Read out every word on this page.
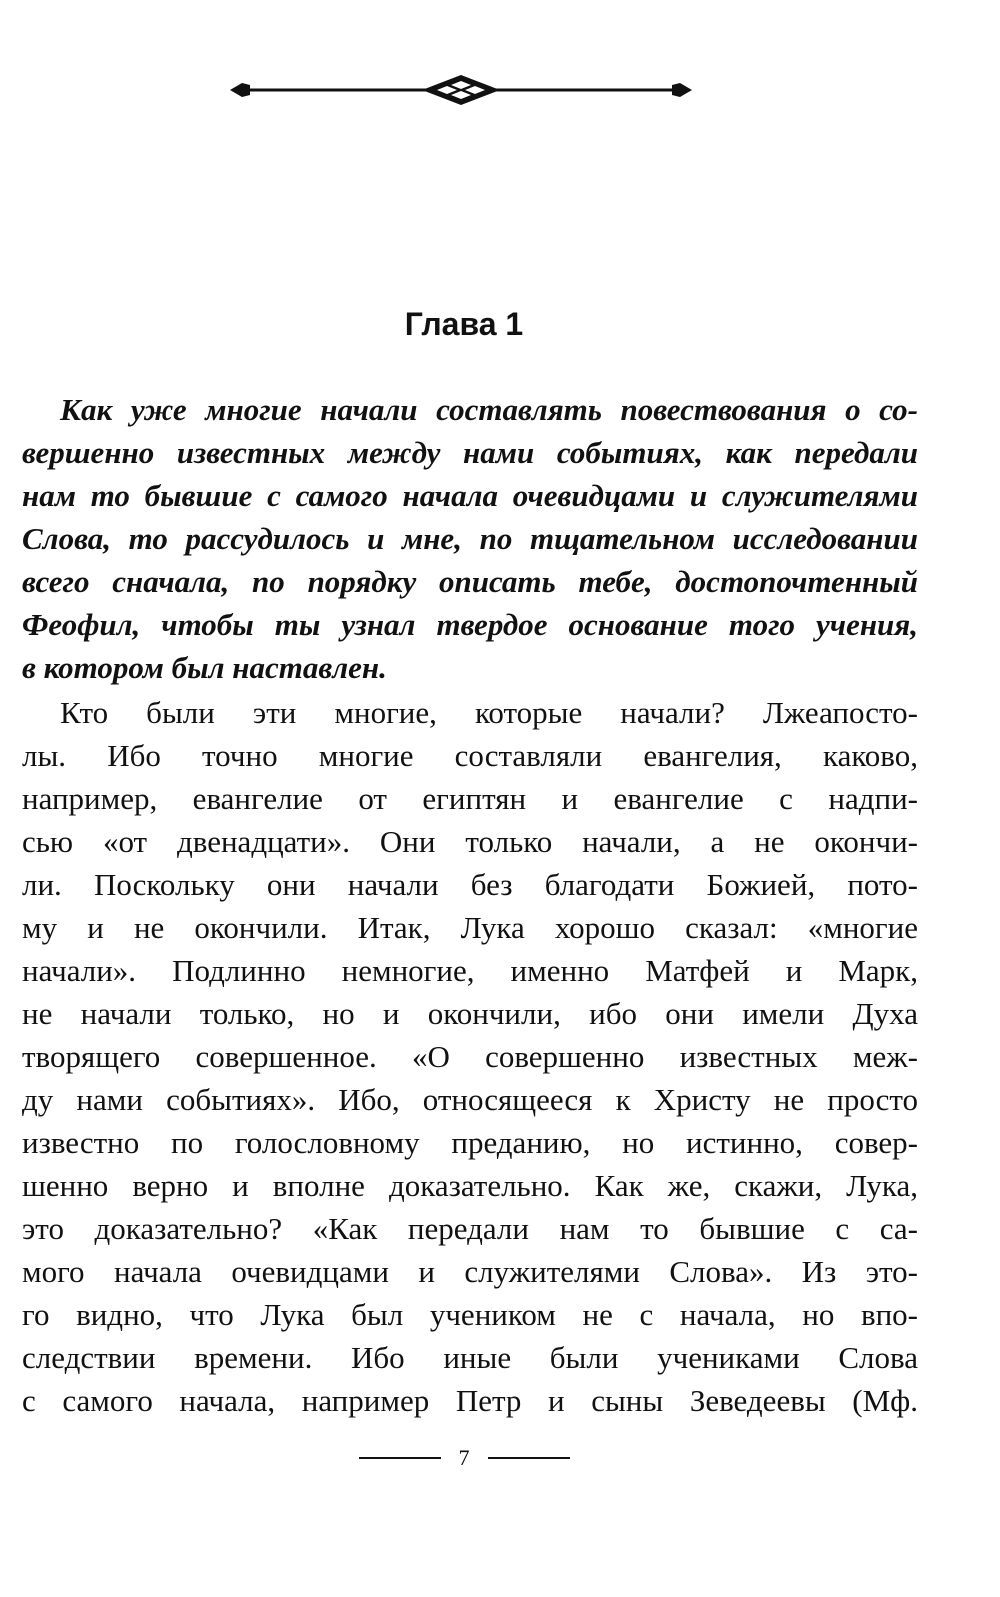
Глава 1
Как уже многие начали составлять повествования о со-
вершенно известных между нами событиях, как передали
нам то бывшие с самого начала очевидцами и служителями
Слова, то рассудилось и мне, по тщательном исследовании
всего сначала, по порядку описать тебе, достопочтенный
Феофил, чтобы ты узнал твердое основание того учения,
в котором был наставлен.
Кто были эти многие, которые начали? Лжеапосто-
лы. Ибо точно многие составляли евангелия, каково,
например, евангелие от египтян и евангелие с надпи-
сью «от двенадцати». Они только начали, а не окончи-
ли. Поскольку они начали без благодати Божией, пото-
му и не окончили. Итак, Лука хорошо сказал: «многие
начали». Подлинно немногие, именно Матфей и Марк,
не начали только, но и окончили, ибо они имели Духа
творящего совершенное. «О совершенно известных меж-
ду нами событиях». Ибо, относящееся к Христу не просто
известно по голословному преданию, но истинно, совер-
шенно верно и вполне доказательно. Как же, скажи, Лука,
это доказательно? «Как передали нам то бывшие с са-
мого начала очевидцами и служителями Слова». Из это-
го видно, что Лука был учеником не с начала, но впо-
следствии времени. Ибо иные были учениками Слова
с самого начала, например Петр и сыны Зеведеевы (Мф.
7
